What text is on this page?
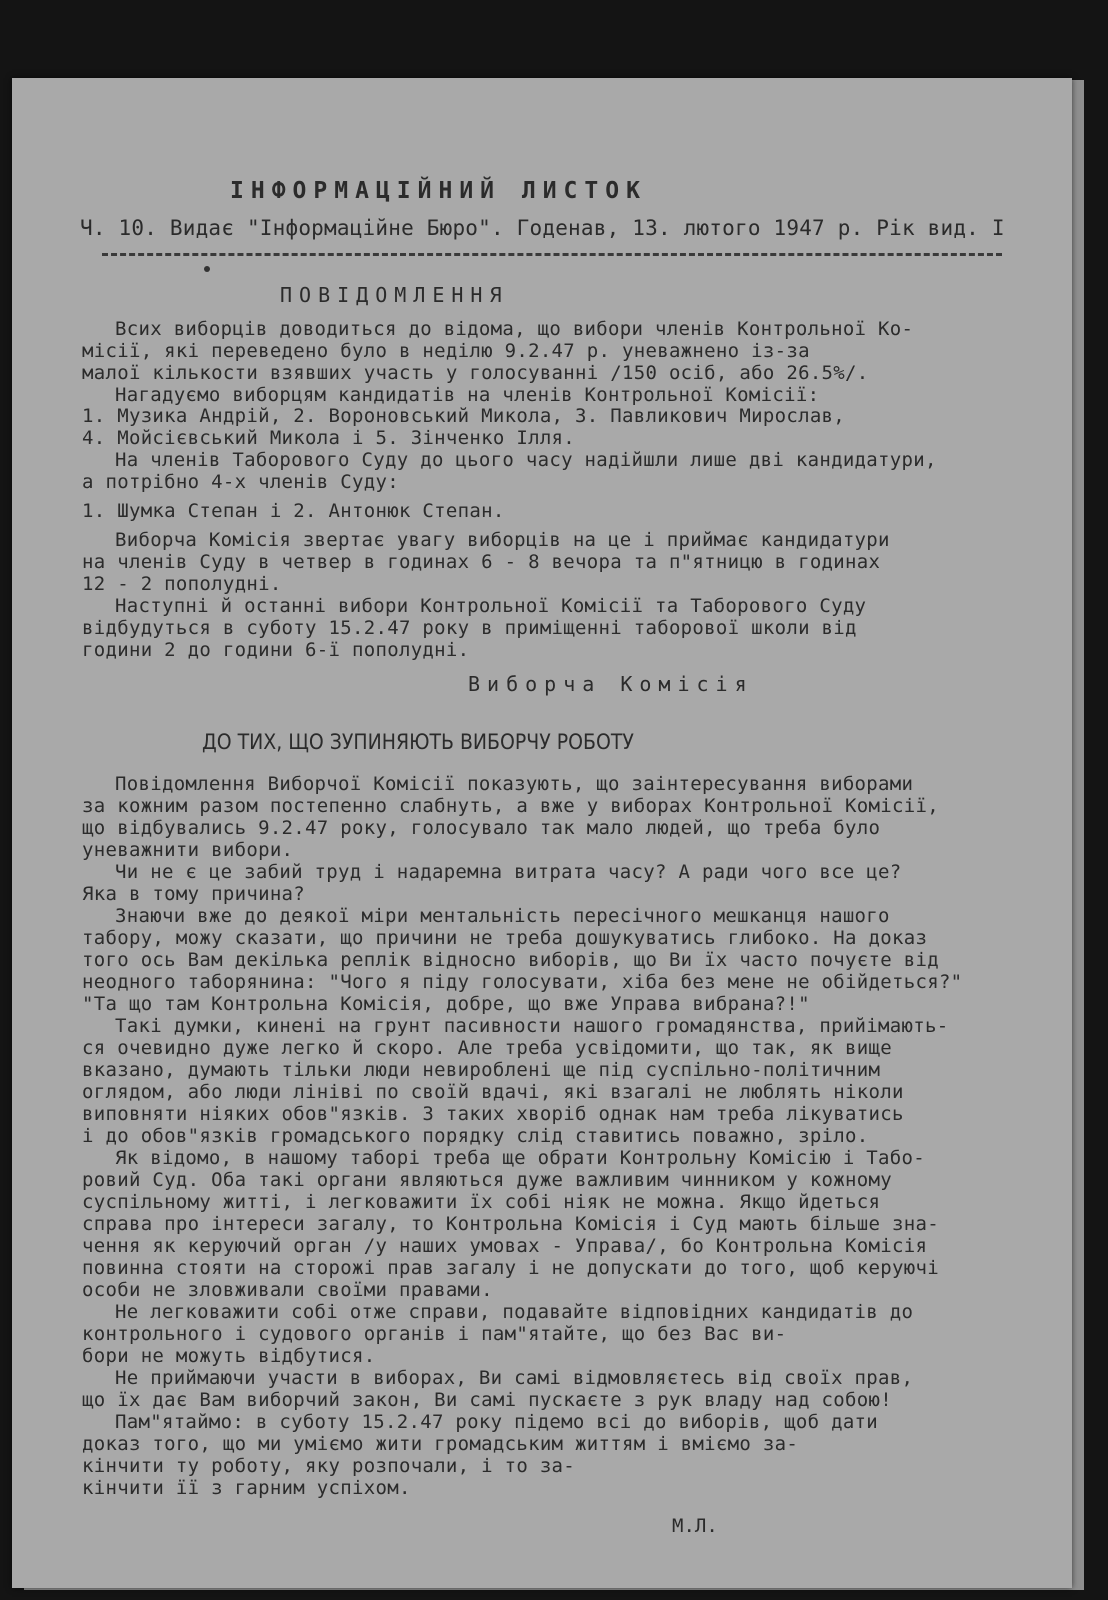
ІНФОРМАЦІЙНИЙ ЛИСТОК
Ч. 10. Видає "Інформаційне Бюро". Годенав, 13. лютого 1947 р. Рік вид. I
ПОВІДОМЛЕННЯ
Всих виборців доводиться до відома, що вибори членів Контрольної Ко-
місії, які переведено було в неділю 9.2.47 р. уневажнено із-за
малої кількости взявших участь у голосуванні /150 осіб, або 26.5%/.
Нагадуємо виборцям кандидатів на членів Контрольної Комісії:
1. Музика Андрій, 2. Вороновський Микола, 3. Павликович Мирослав,
4. Мойсієвський Микола і 5. Зінченко Ілля.
На членів Таборового Суду до цього часу надійшли лише дві кандидатури,
а потрібно 4-х членів Суду:
1. Шумка Степан і 2. Антонюк Степан.
Виборча Комісія звертає увагу виборців на це і приймає кандидатури
на членів Суду в четвер в годинах 6 - 8 вечора та п"ятницю в годинах
12 - 2 пополудні.
Наступні й останні вибори Контрольної Комісії та Таборового Суду
відбудуться в суботу 15.2.47 року в приміщенні таборової школи від
години 2 до години 6-ї пополудні.
Виборча Комісія
ДО ТИХ, ЩО ЗУПИНЯЮТЬ ВИБОРЧУ РОБОТУ
Повідомлення Виборчої Комісії показують, що заінтересування виборами
за кожним разом постепенно слабнуть, а вже у виборах Контрольної Комісії,
що відбувались 9.2.47 року, голосувало так мало людей, що треба було
уневажнити вибори.
Чи не є це забий труд і надаремна витрата часу? А ради чого все це?
Яка в тому причина?
Знаючи вже до деякої міри ментальність пересічного мешканця нашого
табору, можу сказати, що причини не треба дошукуватись глибоко. На доказ
того ось Вам декілька реплік відносно виборів, що Ви їх часто почуєте від
неодного таборянина: "Чого я піду голосувати, хіба без мене не обійдеться?"
"Та що там Контрольна Комісія, добре, що вже Управа вибрана?!"
Такі думки, кинені на грунт пасивности нашого громадянства, прийімають-
ся очевидно дуже легко й скоро. Але треба усвідомити, що так, як вище
вказано, думають тільки люди невироблені ще під суспільно-політичним
оглядом, або люди лініві по своїй вдачі, які взагалі не люблять ніколи
виповняти ніяких обов"язків. З таких хворіб однак нам треба лікуватись
і до обов"язків громадського порядку слід ставитись поважно, зріло.
Як відомо, в нашому таборі треба ще обрати Контрольну Комісію і Табо-
ровий Суд. Оба такі органи являються дуже важливим чинником у кожному
суспільному житті, і легковажити їх собі ніяк не можна. Якщо йдеться
справа про інтереси загалу, то Контрольна Комісія і Суд мають більше зна-
чення як керуючий орган /у наших умовах - Управа/, бо Контрольна Комісія
повинна стояти на сторожі прав загалу і не допускати до того, щоб керуючі
особи не зловживали своїми правами.
Не легковажити собі отже справи, подавайте відповідних кандидатів до
контрольного і судового органів і пам"ятайте, що без Вас ви-
бори не можуть відбутися.
Не приймаючи участи в виборах, Ви самі відмовляєтесь від своїх прав,
що їх дає Вам виборчий закон, Ви самі пускаєте з рук владу над собою!
Пам"ятаймо: в суботу 15.2.47 року підемо всі до виборів, щоб дати
доказ того, що ми уміємо жити громадським життям і вміємо за-
кінчити ту роботу, яку розпочали, і то за-
кінчити її з гарним успіхом.
М.Л.
